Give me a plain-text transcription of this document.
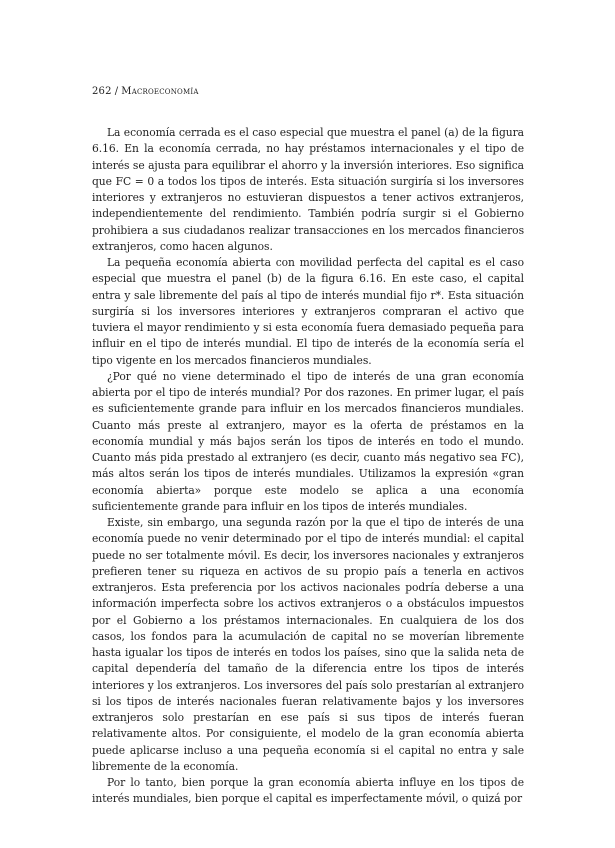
262 / Macroeconomía

La economía cerrada es el caso especial que muestra el panel (a) de la figura 6.16. En la economía cerrada, no hay préstamos internacionales y el tipo de interés se ajusta para equilibrar el ahorro y la inversión interiores. Eso significa que FC = 0 a todos los tipos de interés. Esta situación surgiría si los inversores interiores y extranjeros no estuvieran dispuestos a tener activos extranjeros, independientemente del rendimiento. También podría surgir si el Gobierno prohibiera a sus ciudadanos realizar transacciones en los mercados financieros extranjeros, como hacen algunos.

La pequeña economía abierta con movilidad perfecta del capital es el caso especial que muestra el panel (b) de la figura 6.16. En este caso, el capital entra y sale libremente del país al tipo de interés mundial fijo r*. Esta situación surgiría si los inversores interiores y extranjeros compraran el activo que tuviera el mayor rendimiento y si esta economía fuera demasiado pequeña para influir en el tipo de interés mundial. El tipo de interés de la economía sería el tipo vigente en los mercados financieros mundiales.

¿Por qué no viene determinado el tipo de interés de una gran economía abierta por el tipo de interés mundial? Por dos razones. En primer lugar, el país es suficientemente grande para influir en los mercados financieros mundiales. Cuanto más preste al extranjero, mayor es la oferta de préstamos en la economía mundial y más bajos serán los tipos de interés en todo el mundo. Cuanto más pida prestado al extranjero (es decir, cuanto más negativo sea FC), más altos serán los tipos de interés mundiales. Utilizamos la expresión «gran economía abierta» porque este modelo se aplica a una economía suficientemente grande para influir en los tipos de interés mundiales.

Existe, sin embargo, una segunda razón por la que el tipo de interés de una economía puede no venir determinado por el tipo de interés mundial: el capital puede no ser totalmente móvil. Es decir, los inversores nacionales y extranjeros prefieren tener su riqueza en activos de su propio país a tenerla en activos extranjeros. Esta preferencia por los activos nacionales podría deberse a una información imperfecta sobre los activos extranjeros o a obstáculos impuestos por el Gobierno a los préstamos internacionales. En cualquiera de los dos casos, los fondos para la acumulación de capital no se moverían libremente hasta igualar los tipos de interés en todos los países, sino que la salida neta de capital dependería del tamaño de la diferencia entre los tipos de interés interiores y los extranjeros. Los inversores del país solo prestarían al extranjero si los tipos de interés nacionales fueran relativamente bajos y los inversores extranjeros solo prestarían en ese país si sus tipos de interés fueran relativamente altos. Por consiguiente, el modelo de la gran economía abierta puede aplicarse incluso a una pequeña economía si el capital no entra y sale libremente de la economía.

Por lo tanto, bien porque la gran economía abierta influye en los tipos de interés mundiales, bien porque el capital es imperfectamente móvil, o quizá por
